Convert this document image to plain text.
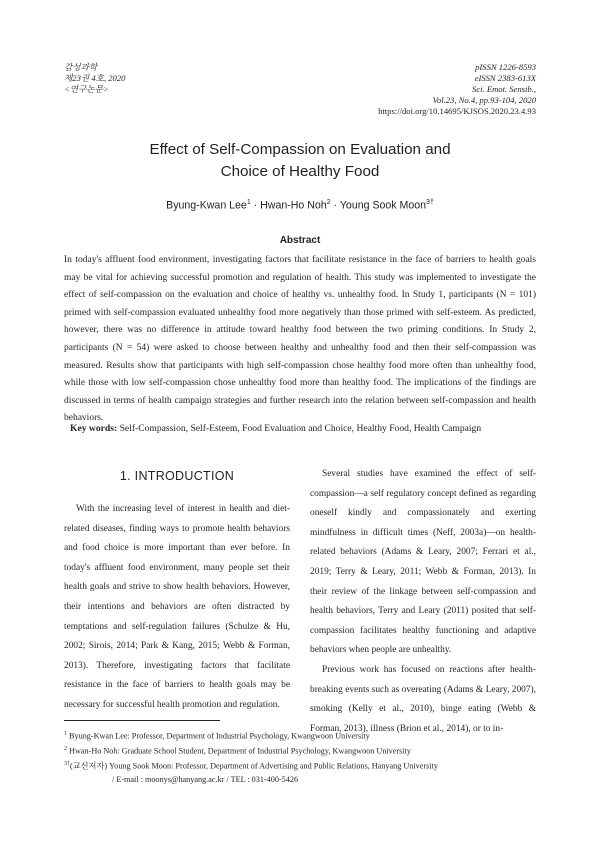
감성과학
제23권 4호, 2020
<연구논문>
pISSN 1226-8593
eISSN 2383-613X
Sci. Emot. Sensib.,
Vol.23, No.4, pp.93-104, 2020
https://doi.org/10.14695/KJSOS.2020.23.4.93
Effect of Self-Compassion on Evaluation and
Choice of Healthy Food
Byung-Kwan Lee$^1$ · Hwan-Ho Noh$^2$ · Young Sook Moon$^{3\dagger}$
Abstract

In today's affluent food environment, investigating factors that facilitate resistance in the face of barriers to health goals may be vital for achieving successful promotion and regulation of health. This study was implemented to investigate the effect of self-compassion on the evaluation and choice of healthy vs. unhealthy food. In Study 1, participants (N = 101) primed with self-compassion evaluated unhealthy food more negatively than those primed with self-esteem. As predicted, however, there was no difference in attitude toward healthy food between the two priming conditions. In Study 2, participants (N = 54) were asked to choose between healthy and unhealthy food and then their self-compassion was measured. Results show that participants with high self-compassion chose healthy food more often than unhealthy food, while those with low self-compassion chose unhealthy food more than healthy food. The implications of the findings are discussed in terms of health campaign strategies and further research into the relation between self-compassion and health behaviors.

Key words: Self-Compassion, Self-Esteem, Food Evaluation and Choice, Healthy Food, Health Campaign
1. INTRODUCTION

With the increasing level of interest in health and diet-related diseases, finding ways to promote health behaviors and food choice is more important than ever before. In today's affluent food environment, many people set their health goals and strive to show health behaviors. However, their intentions and behaviors are often distracted by temptations and self-regulation failures (Schulze & Hu, 2002; Sirois, 2014; Park & Kang, 2015; Webb & Forman, 2013). Therefore, investigating factors that facilitate resistance in the face of barriers to health goals may be necessary for successful health promotion and regulation.

Several studies have examined the effect of self-compassion—a self regulatory concept defined as regarding oneself kindly and compassionately and exerting mindfulness in difficult times (Neff, 2003a)—on health-related behaviors (Adams & Leary, 2007; Ferrari et al., 2019; Terry & Leary, 2011; Webb & Forman, 2013). In their review of the linkage between self-compassion and health behaviors, Terry and Leary (2011) posited that self-compassion facilitates healthy functioning and adaptive behaviors when people are unhealthy.

Previous work has focused on reactions after health-breaking events such as overeating (Adams & Leary, 2007), smoking (Kelly et al., 2010), binge eating (Webb & Forman, 2013), illness (Brion et al., 2014), or to in-

$^1$ Byung-Kwan Lee: Professor, Department of Industrial Psychology, Kwangwoon University
$^2$ Hwan-Ho Noh: Graduate School Student, Department of Industrial Psychology, Kwangwoon University
$^{3\dagger}$(교신저자) Young Sook Moon: Professor, Department of Advertising and Public Relations, Hanyang University
/ E-mail : moonys@hanyang.ac.kr / TEL : 031-400-5426
